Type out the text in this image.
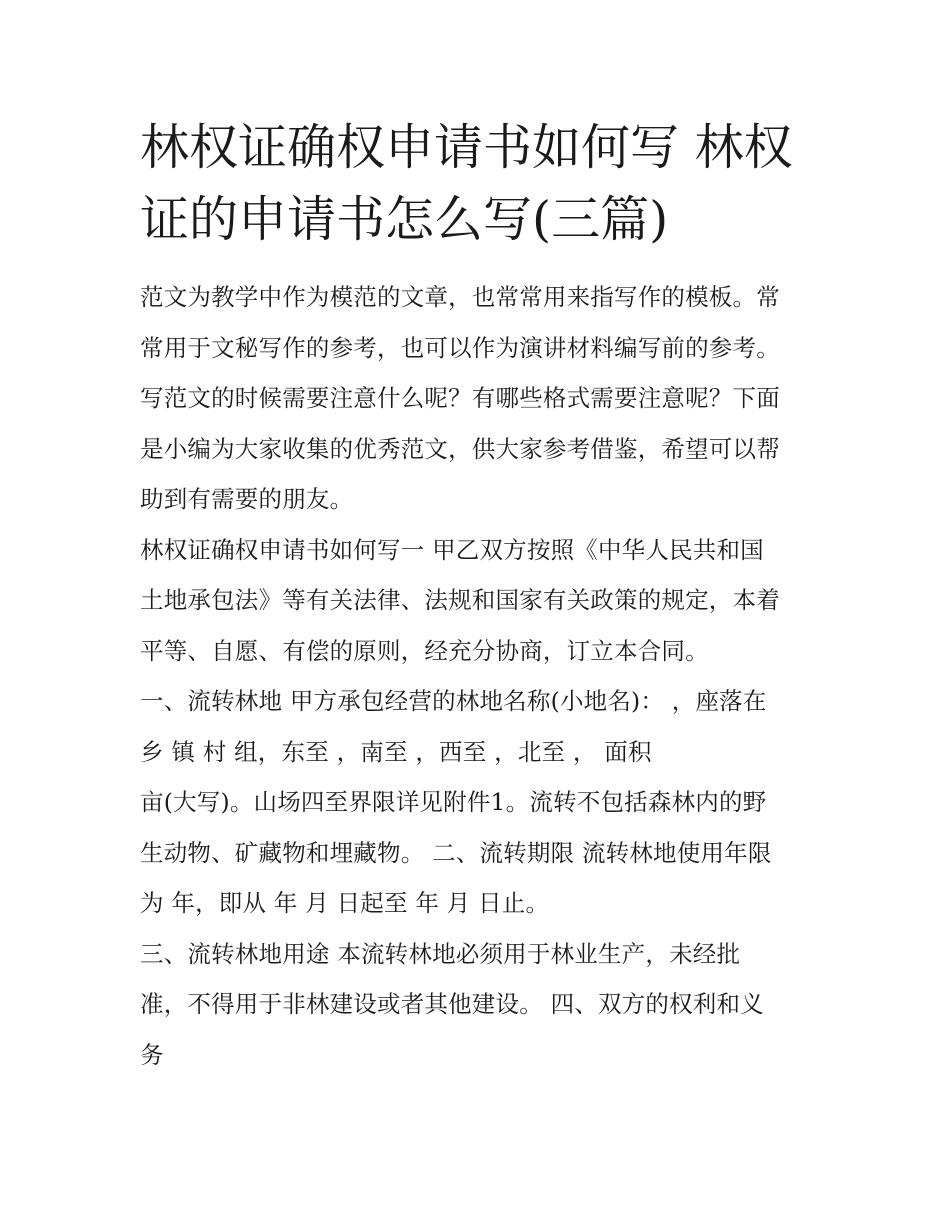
林权证确权申请书如何写 林权
证的申请书怎么写(三篇)

范文为教学中作为模范的文章，也常常用来指写作的模板。常
常用于文秘写作的参考，也可以作为演讲材料编写前的参考。
写范文的时候需要注意什么呢？有哪些格式需要注意呢？下面
是小编为大家收集的优秀范文，供大家参考借鉴，希望可以帮
助到有需要的朋友。

林权证确权申请书如何写一 甲乙双方按照《中华人民共和国
土地承包法》等有关法律、法规和国家有关政策的规定，本着
平等、自愿、有偿的原则，经充分协商，订立本合同。

一、流转林地 甲方承包经营的林地名称(小地名)： ，座落在
乡 镇 村 组，东至 ，南至 ，西至 ，北至 ， 面积
亩(大写)。山场四至界限详见附件1。流转不包括森林内的野
生动物、矿藏物和埋藏物。 二、流转期限 流转林地使用年限
为 年，即从 年 月 日起至 年 月 日止。

三、流转林地用途 本流转林地必须用于林业生产，未经批
准，不得用于非林建设或者其他建设。 四、双方的权利和义
务
